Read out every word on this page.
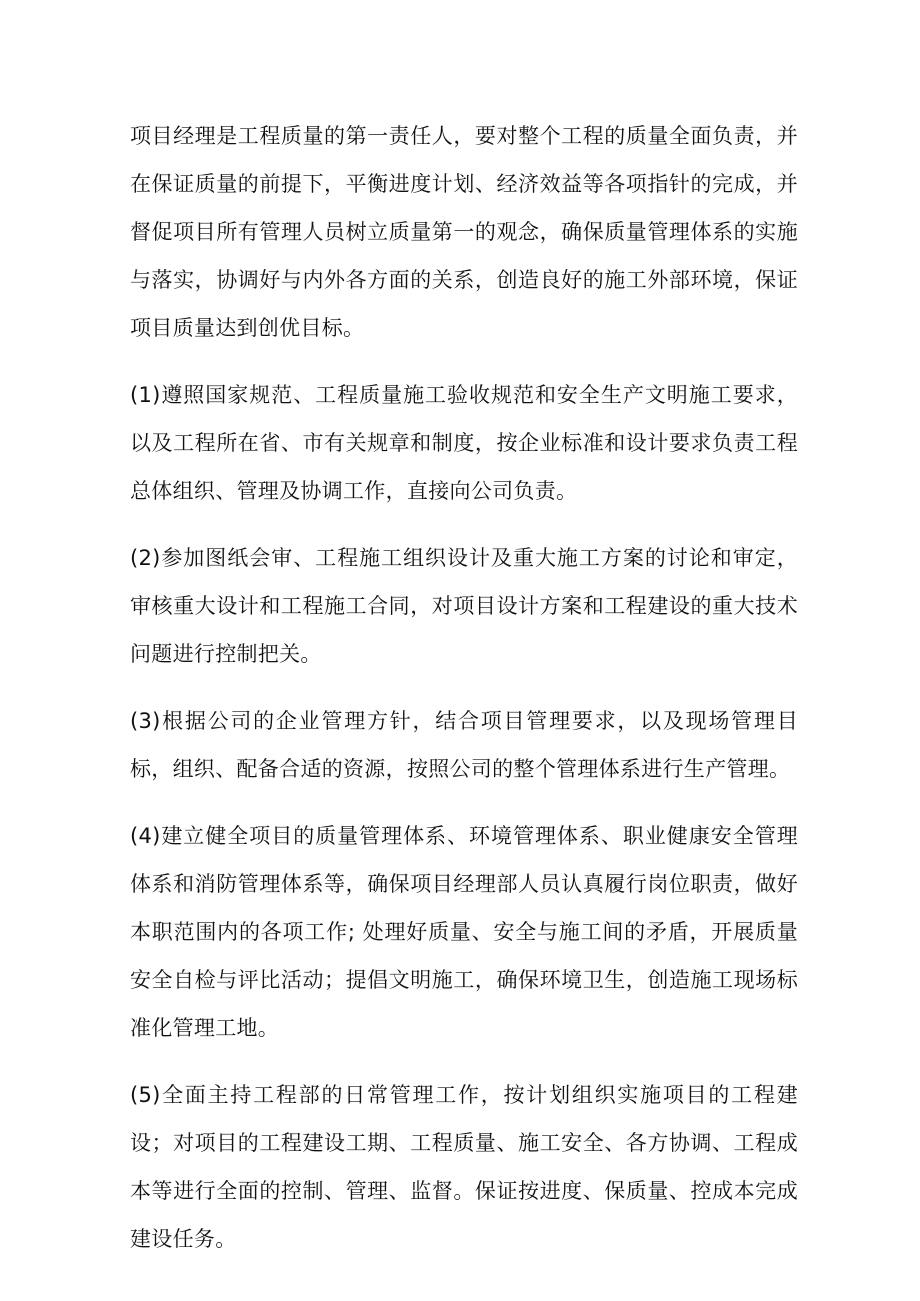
项目经理是工程质量的第一责任人，要对整个工程的质量全面负责，并在保证质量的前提下，平衡进度计划、经济效益等各项指针的完成，并督促项目所有管理人员树立质量第一的观念，确保质量管理体系的实施与落实，协调好与内外各方面的关系，创造良好的施工外部环境，保证项目质量达到创优目标。

(1)遵照国家规范、工程质量施工验收规范和安全生产文明施工要求，以及工程所在省、市有关规章和制度，按企业标准和设计要求负责工程总体组织、管理及协调工作，直接向公司负责。

(2)参加图纸会审、工程施工组织设计及重大施工方案的讨论和审定，审核重大设计和工程施工合同，对项目设计方案和工程建设的重大技术问题进行控制把关。

(3)根据公司的企业管理方针，结合项目管理要求，以及现场管理目标，组织、配备合适的资源，按照公司的整个管理体系进行生产管理。

(4)建立健全项目的质量管理体系、环境管理体系、职业健康安全管理体系和消防管理体系等，确保项目经理部人员认真履行岗位职责，做好本职范围内的各项工作; 处理好质量、安全与施工间的矛盾，开展质量安全自检与评比活动；提倡文明施工，确保环境卫生，创造施工现场标准化管理工地。

(5)全面主持工程部的日常管理工作，按计划组织实施项目的工程建设；对项目的工程建设工期、工程质量、施工安全、各方协调、工程成本等进行全面的控制、管理、监督。保证按进度、保质量、控成本完成建设任务。
